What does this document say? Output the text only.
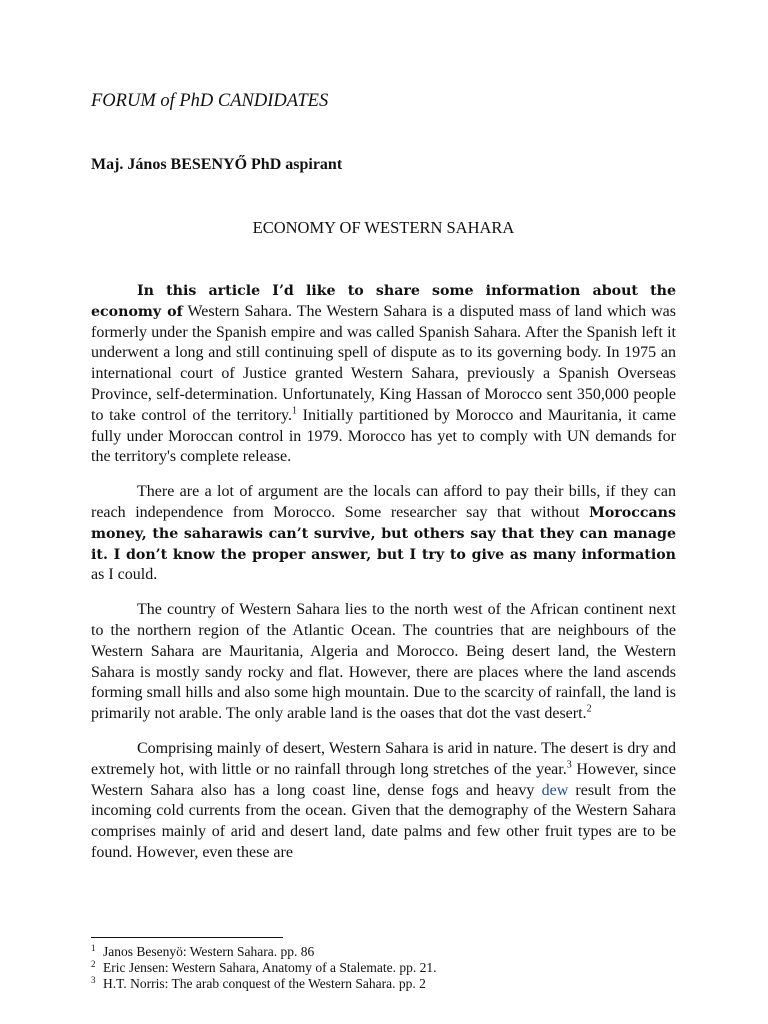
FORUM of PhD CANDIDATES
Maj. János BESENYŐ PhD aspirant
ECONOMY OF WESTERN SAHARA

In this article I’d like to share some information about the economy of Western Sahara. The Western Sahara is a disputed mass of land which was formerly under the Spanish empire and was called Spanish Sahara. After the Spanish left it underwent a long and still continuing spell of dispute as to its governing body. In 1975 an international court of Justice granted Western Sahara, previously a Spanish Overseas Province, self-determination. Unfortunately, King Hassan of Morocco sent 350,000 people to take control of the territory.$^1$ Initially partitioned by Morocco and Mauritania, it came fully under Moroccan control in 1979. Morocco has yet to comply with UN demands for the territory's complete release.

There are a lot of argument are the locals can afford to pay their bills, if they can reach independence from Morocco. Some researcher say that without Moroccans money, the saharawis can’t survive, but others say that they can manage it. I don’t know the proper answer, but I try to give as many information as I could.

The country of Western Sahara lies to the north west of the African continent next to the northern region of the Atlantic Ocean. The countries that are neighbours of the Western Sahara are Mauritania, Algeria and Morocco. Being desert land, the Western Sahara is mostly sandy rocky and flat. However, there are places where the land ascends forming small hills and also some high mountain. Due to the scarcity of rainfall, the land is primarily not arable. The only arable land is the oases that dot the vast desert.$^2$

Comprising mainly of desert, Western Sahara is arid in nature. The desert is dry and extremely hot, with little or no rainfall through long stretches of the year.$^3$ However, since Western Sahara also has a long coast line, dense fogs and heavy dew result from the incoming cold currents from the ocean. Given that the demography of the Western Sahara comprises mainly of arid and desert land, date palms and few other fruit types are to be found. However, even these are

1 Janos Besenyö: Western Sahara. pp. 86
2 Eric Jensen: Western Sahara, Anatomy of a Stalemate. pp. 21.
3 H.T. Norris: The arab conquest of the Western Sahara. pp. 2
